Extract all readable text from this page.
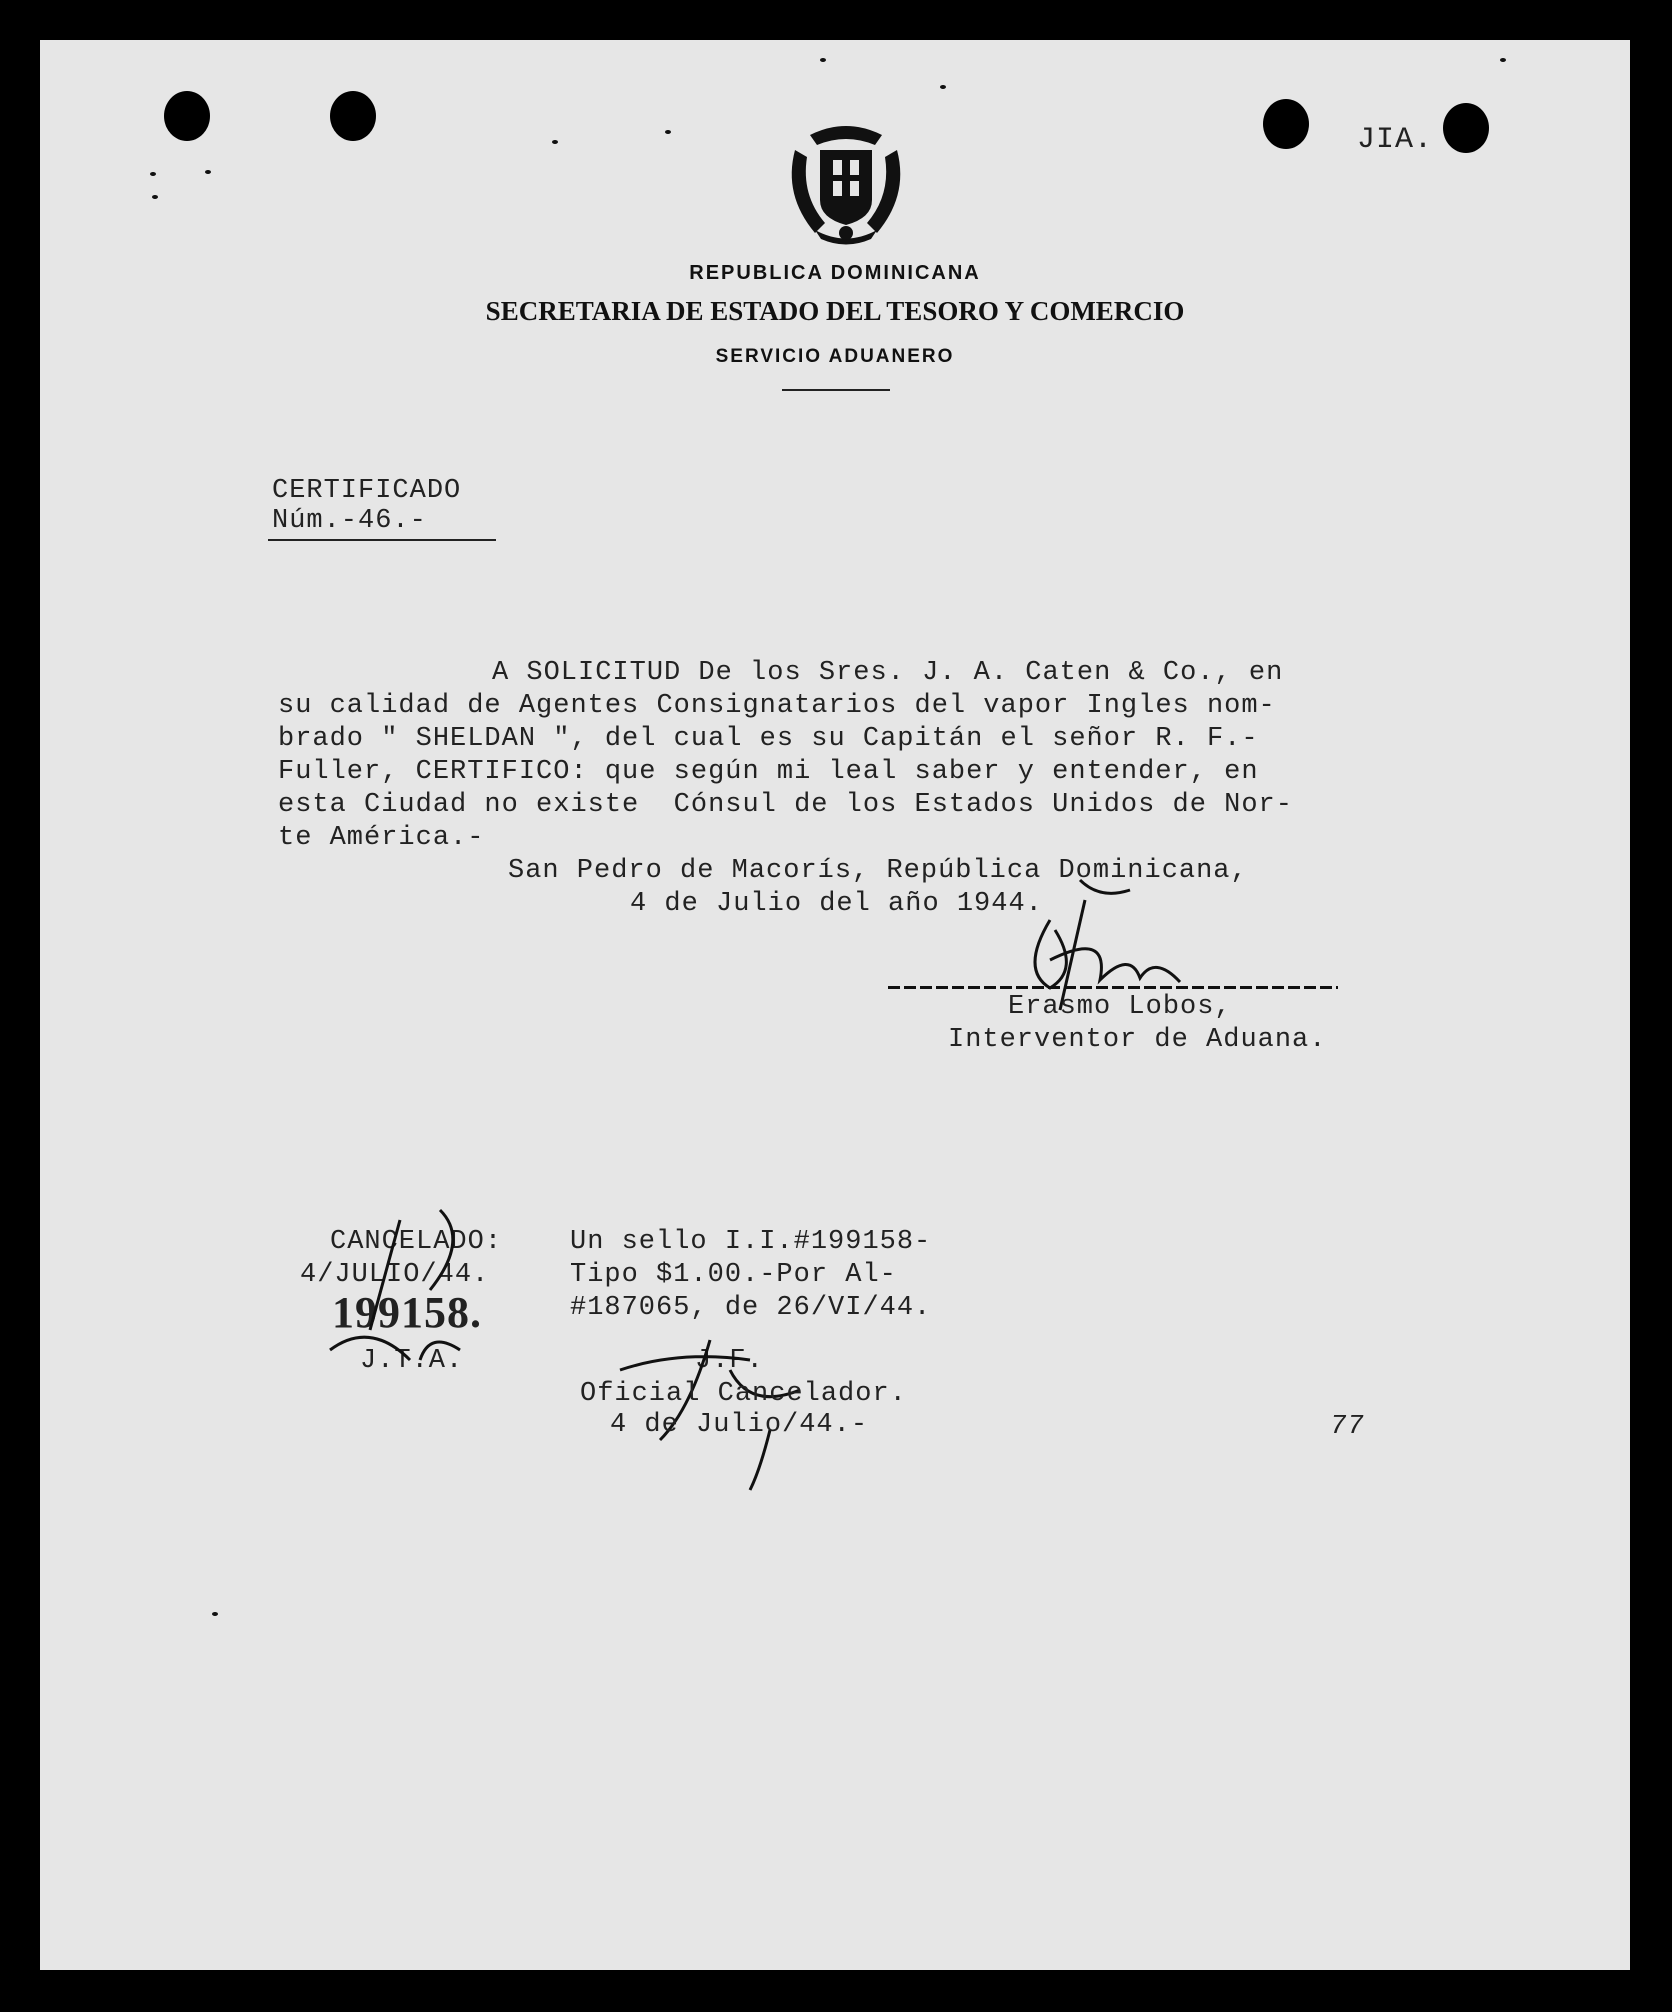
JIA.
REPUBLICA DOMINICANA
SECRETARIA DE ESTADO DEL TESORO Y COMERCIO
SERVICIO ADUANERO
CERTIFICADO
Núm.-46.-
A SOLICITUD De los Sres. J. A. Caten & Co., en
su calidad de Agentes Consignatarios del vapor Ingles nom-
brado " SHELDAN ", del cual es su Capitán el señor R. F.-
Fuller, CERTIFICO: que según mi leal saber y entender, en
esta Ciudad no existe  Cónsul de los Estados Unidos de Nor-
te América.-
San Pedro de Macorís, República Dominicana,
4 de Julio del año 1944.
Erasmo Lobos,
Interventor de Aduana.
CANCELADO:
4/JULIO/44.
199158.
J.T.A.
Un sello I.I.#199158-
Tipo $1.00.-Por Al-
#187065, de 26/VI/44.
J.F.
Oficial Cancelador.
4 de Julio/44.-	77
